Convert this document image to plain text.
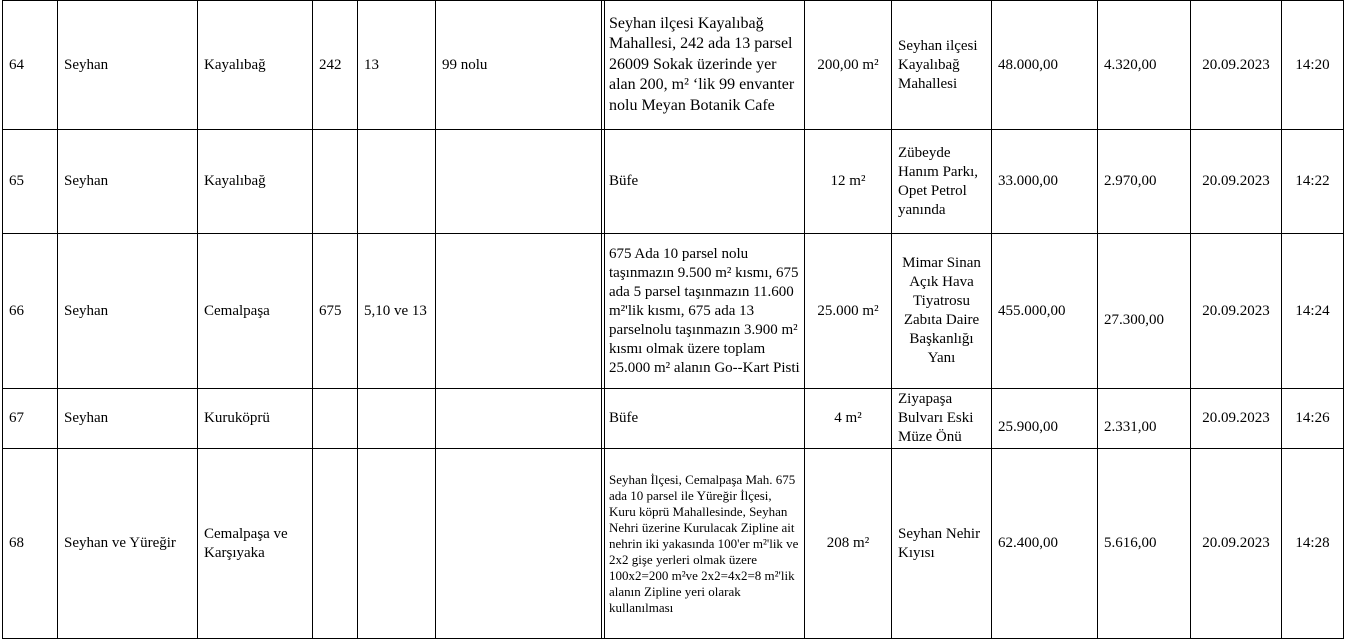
64	Seyhan	Kayalıbağ	242	13	99 nolu		Seyhan ilçesi Kayalıbağ Mahallesi, 242 ada 13 parsel 26009 Sokak üzerinde yer alan 200, m² ‘lik 99 envanter nolu Meyan Botanik Cafe	200,00 m²	Seyhan ilçesi Kayalıbağ Mahallesi	48.000,00	4.320,00	20.09.2023	14:20
65	Seyhan	Kayalıbağ					Büfe	12 m²	Zübeyde Hanım Parkı, Opet Petrol yanında	33.000,00	2.970,00	20.09.2023	14:22
66	Seyhan	Cemalpaşa	675	5,10 ve 13			675 Ada 10 parsel nolu taşınmazın 9.500 m² kısmı, 675 ada 5 parsel taşınmazın 11.600 m²'lik kısmı, 675 ada 13 parselnolu taşınmazın 3.900 m² kısmı olmak üzere toplam 25.000 m² alanın Go--Kart Pisti	25.000 m²	Mimar Sinan Açık Hava Tiyatrosu Zabıta Daire Başkanlığı Yanı	455.000,00	27.300,00	20.09.2023	14:24
67	Seyhan	Kuruköprü					Büfe	4 m²	Ziyapaşa Bulvarı Eski Müze Önü	25.900,00	2.331,00	20.09.2023	14:26
68	Seyhan ve Yüreğir	Cemalpaşa ve Karşıyaka					Seyhan İlçesi, Cemalpaşa Mah. 675 ada 10 parsel ile Yüreğir İlçesi, Kuru köprü Mahallesinde, Seyhan Nehri üzerine Kurulacak Zipline ait nehrin iki yakasında 100'er m²'lik ve 2x2 gişe yerleri olmak üzere 100x2=200 m²ve 2x2=4x2=8 m²'lik alanın Zipline yeri olarak kullanılması	208 m²	Seyhan Nehir Kıyısı	62.400,00	5.616,00	20.09.2023	14:28
